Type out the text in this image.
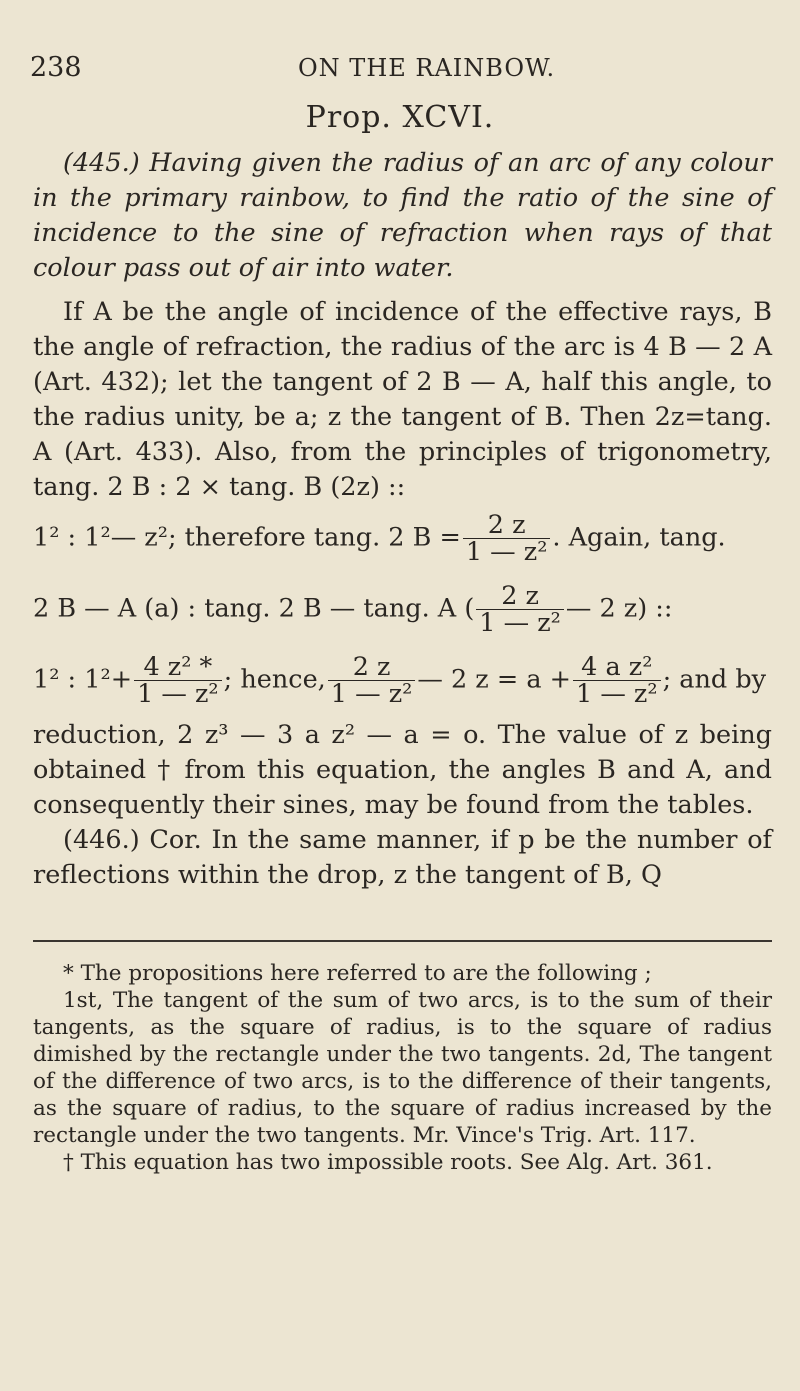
238	ON THE RAINBOW.
Prop. XCVI.

(445.) Having given the radius of an arc of any colour in the primary rainbow, to find the ratio of the sine of incidence to the sine of refraction when rays of that colour pass out of air into water.

If A be the angle of incidence of the effective rays, B the angle of refraction, the radius of the arc is 4 B — 2 A (Art. 432); let the tangent of 2 B — A, half this angle, to the radius unity, be a; z the tangent of B. Then 2z=tang. A (Art. 433). Also, from the principles of trigonometry, tang. 2 B : 2 × tang. B (2z) ::

1² : 1²— z²; therefore tang. 2 $B = \frac{2 z}{\text{1 — z²}}$ . Again, tang.
2 B — A (a) : tang. 2 B — tang. A ( $\frac{2 z}{\text{1 — z²}}$ — 2 z) ::
1² : $1^2+ \frac{\text{4 z² *}}{\text{1 — z²}}$ ; hence, $\frac{2 z}{\text{1 — z²}}$ — 2 $z = a + \frac{\text{4 a z²}}{\text{1 — z²}}$ ; and by

reduction, 2 z³ — 3 a z² — a = o. The value of z being obtained † from this equation, the angles B and A, and consequently their sines, may be found from the tables.

(446.) Cor. In the same manner, if p be the number of reflections within the drop, z the tangent of B, Q

* The propositions here referred to are the following ;

1st, The tangent of the sum of two arcs, is to the sum of their tangents, as the square of radius, is to the square of radius dimished by the rectangle under the two tangents. 2d, The tangent of the difference of two arcs, is to the difference of their tangents, as the square of radius, to the square of radius increased by the rectangle under the two tangents. Mr. Vince's Trig. Art. 117.

† This equation has two impossible roots. See Alg. Art. 361.
